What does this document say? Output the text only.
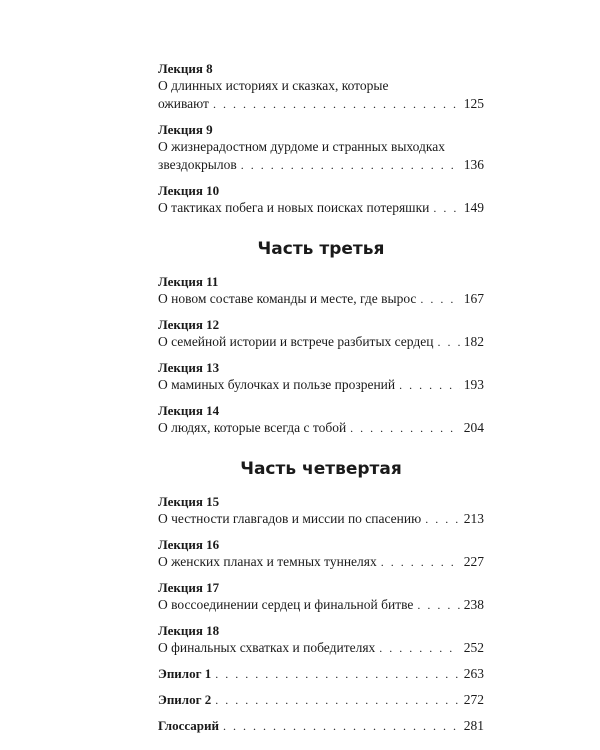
Лекция 8

О длинных историях и сказках, которые
оживают . . .	125

Лекция 9

О жизнерадостном дурдоме и странных выходках
звездокрылов . . .	136

Лекция 10

О тактиках побега и новых поисках потеряшки . . .	149
Часть третья

Лекция 11

О новом составе команды и месте, где вырос . . .	167

Лекция 12

О семейной истории и встрече разбитых сердец . . . 182

Лекция 13

О маминых булочках и пользе прозрений . . .	193

Лекция 14

О людях, которые всегда с тобой . . .	204
Часть четвертая

Лекция 15

О честности главгадов и миссии по спасению . . .	213

Лекция 16

О женских планах и темных туннелях . . .	227

Лекция 17

О воссоединении сердец и финальной битве . . .	238

Лекция 18

О финальных схватках и победителях . . .	252
Эпилог 1 . . .	263
Эпилог 2 . . .	272
Глоссарий . . .	281
